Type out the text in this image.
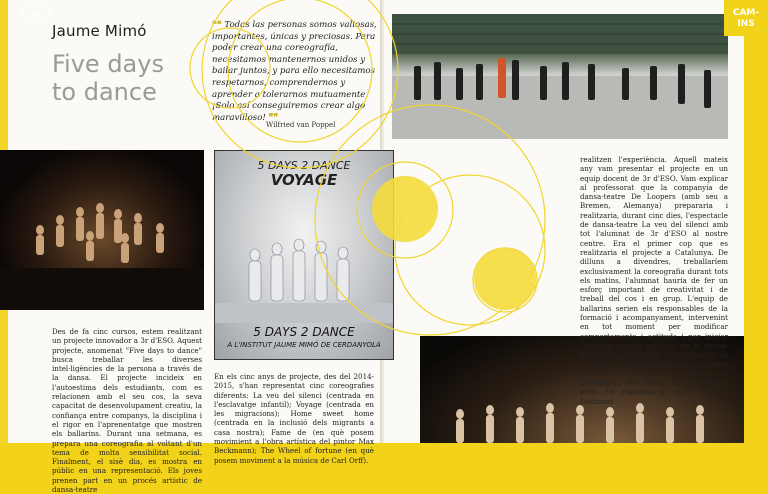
CAM
INS
Jaume Mimó
Five days
to dance

❝❝ Todas las personas somos valiosas, importantes, únicas y preciosas. Para poder crear una coreografía, necesitamos mantenernos unidos y bailar juntos, y para ello necesitamos respetarnos, comprendernos y aprender a tolerarnos mutuamente. ¡Solo así conseguiremos crear algo maravilloso! ❞❞

Wilfried van Poppel
5 DAYS 2 DANCE
VOYAGE
5 DAYS 2 DANCE
A L'INSTITUT JAUME MIMÓ DE CERDANYOLA

Des de fa cinc cursos, estem realitzant un projecte innovador a 3r d'ESO. Aquest projecte, anomenat "Five days to dance" busca treballar les diverses intel·ligències de la persona a través de la dansa. El projecte incideix en l'autoestima dels estudiants, com es relacionen amb el seu cos, la seva capacitat de desenvolupament creatiu, la confiança entre companys, la disciplina i el rigor en l'aprenentatge que mostren els ballarins. Durant una setmana, es prepara una coreografia al voltant d'un tema de molta sensibilitat social. Finalment, el sisè dia, es mostra en públic en una representació. Els joves prenen part en un procés artístic de dansa-teatre

En els cinc anys de projecte, des del 2014-2015, s'han representat cinc coreografies diferents: La veu del silenci (centrada en l'esclavatge infantil); Voyage (centrada en les migracions); Home sweet home (centrada en la inclusió dels migrants a casa nostra); Fame de (en què posem movimient a l'obra artística del pintor Max Beckmann); The Wheel of fortune (en què posem moviment a la música de Carl Orff).

realitzen l'experiència. Aquell mateix any vam presentar el projecte en un equip docent de 3r d'ESO. Vam explicar al professorat que la companyia de dansa-teatre De Loopers (amb seu a Bremen, Alemanya) prepararia i realitzaria, durant cinc dies, l'espectacle de dansa-teatre La veu del silenci amb tot l'alumnat de 3r d'ESO al nostre centre. Era el primer cop que es realitzaria el projecte a Catalunya. De dilluns a divendres, treballaríem exclusivament la coreografia durant tots els matins, l'alumnat hauria de fer un esforç important de creativitat i de treball del cos i en grup. L'equip de ballarins serien els responsables de la formació i acompanyament, intervenint en tot moment per modificar comportaments i actituds i per iniciar l'alumnat en els principis de la dansa. Finalment, l'alumnat representaria la coreografia davant de tota la comunitat educativa al Teatre Ateneu de Cerdanyola del Vallès. El professorat, però, va expressar-hi molts dubtes: l'alumnat

CAM-
INS
